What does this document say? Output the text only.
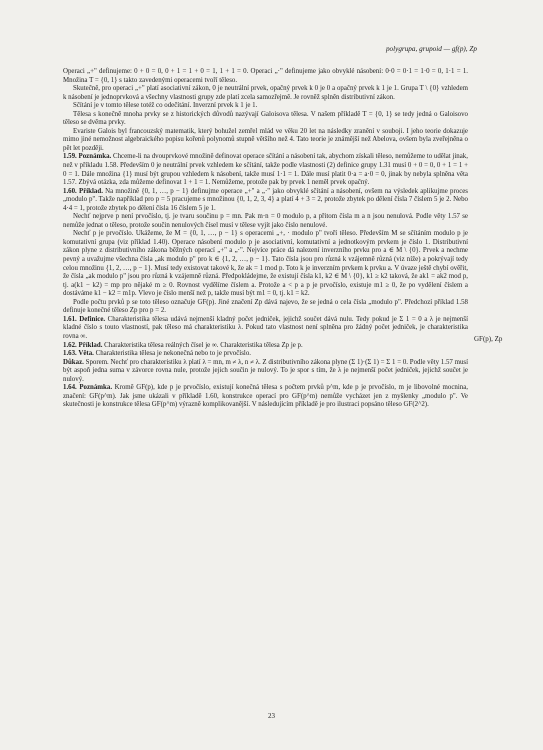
polygrupa, grupoid — gf(p), Zp

Operaci „+" definujeme: 0 + 0 = 0, 0 + 1 = 1 + 0 = 1, 1 + 1 = 0. Operaci „·" definujeme jako obvyklé násobení: 0·0 = 0·1 = 1·0 = 0, 1·1 = 1. Množina T = {0, 1} s takto zavedenými operacemi tvoří těleso.

Skutečně, pro operaci „+" platí asociativní zákon, 0 je neutrální prvek, opačný prvek k 0 je 0 a opačný prvek k 1 je 1. Grupa T \ {0} vzhledem k násobení je jednoprvková a všechny vlastnosti grupy zde platí zcela samozřejmě. Je rovněž splněn distributivní zákon.

Sčítání je v tomto tělese totéž co odečítání. Inverzní prvek k 1 je 1.

Tělesa s konečně mnoha prvky se z historických důvodů nazývají Galoisova tělesa. V našem příkladě T = {0, 1} se tedy jedná o Galoisovo těleso se dvěma prvky.

Evariste Galois byl francouzský matematik, který bohužel zemřel mlád ve věku 20 let na následky zranění v souboji. I jeho teorie dokazuje mimo jiné nemožnost algebraického popisu kořenů polynomů stupně většího než 4. Tato teorie je známější než Abelova, ovšem byla zveřejněna o pět let později.

1.59. Poznámka. Chceme-li na dvouprvkové množině definovat operace sčítání a násobení tak, abychom získali těleso, nemůžeme to udělat jinak, než v příkladu 1.58. Především 0 je neutrální prvek vzhledem ke sčítání, takže podle vlastnosti (2) definice grupy 1.31 musí 0 + 0 = 0, 0 + 1 = 1 + 0 = 1. Dále množina {1} musí být grupou vzhledem k násobení, takže musí 1·1 = 1. Dále musí platit 0·a = a·0 = 0, jinak by nebyla splněna věta 1.57. Zbývá otázka, zda můžeme definovat 1 + 1 = 1. Nemůžeme, protože pak by prvek 1 neměl prvek opačný.

1.60. Příklad. Na množině {0, 1, …, p − 1} definujme operace „+" a „·" jako obvyklé sčítání a násobení, ovšem na výsledek aplikujme proces „modulo p". Takže například pro p = 5 pracujeme s množinou {0, 1, 2, 3, 4} a platí 4 + 3 = 2, protože zbytek po dělení čísla 7 číslem 5 je 2. Nebo 4·4 = 1, protože zbytek po dělení čísla 16 číslem 5 je 1.

Nechť nejprve p není prvočíslo, tj. je tvaru součinu p = mn. Pak m·n = 0 modulo p, a přitom čísla m a n jsou nenulová. Podle věty 1.57 se nemůže jednat o těleso, protože součin nenulových čísel musí v tělese vyjít jako číslo nenulové.

Nechť p je prvočíslo. Ukážeme, že M = {0, 1, …, p − 1} s operacemi „+, · modulo p" tvoří těleso. Především M se sčítáním modulo p je komutativní grupa (viz příklad 1.40). Operace násobení modulo p je asociativní, komutativní a jednotkovým prvkem je číslo 1. Distributivní zákon plyne z distributivního zákona běžných operací „+" a „·". Nejvíce práce dá nalezení inverzního prvku pro a ∈ M \ {0}. Prvek a nechme pevný a uvažujme všechna čísla „ak modulo p" pro k ∈ {1, 2, …, p − 1}. Tato čísla jsou pro různá k vzájemně různá (viz níže) a pokrývají tedy celou množinu {1, 2, …, p − 1}. Musí tedy existovat takové k, že ak = 1 mod p. Toto k je inverzním prvkem k prvku a. V úvaze ještě chybí ověřit, že čísla „ak modulo p" jsou pro různá k vzájemně různá. Předpokládejme, že existují čísla k1, k2 ∈ M \ {0}, k1 ≥ k2 taková, že ak1 = ak2 mod p, tj. a(k1 − k2) = mp pro nějaké m ≥ 0. Rovnost vydělíme číslem a. Protože a < p a p je prvočíslo, existuje m1 ≥ 0, že po vydělení číslem a dostáváme k1 − k2 = m1p. Vlevo je číslo menší než p, takže musí být m1 = 0, tj. k1 = k2.

Podle počtu prvků p se toto těleso označuje GF(p). Jiné značení Zp dává najevo, že se jedná o cela čísla „modulo p". Předchozí příklad 1.58 definuje konečné těleso Zp pro p = 2.

1.61. Definice. Charakteristika tělesa udává nejmenší kladný počet jedniček, jejichž součet dává nulu. Tedy pokud je Σ 1 = 0 a λ je nejmenší kladné číslo s touto vlastností, pak těleso má charakteristiku λ. Pokud tato vlastnost není splněna pro žádný počet jedniček, je charakteristika rovna ∞.

1.62. Příklad. Charakteristika tělesa reálných čísel je ∞. Charakteristika tělesa Zp je p.

1.63. Věta. Charakteristika tělesa je nekonečná nebo to je prvočíslo.

Důkaz. Sporem. Nechť pro charakteristiku λ platí λ = mn, m ≠ λ, n ≠ λ. Z distributivního zákona plyne (Σ 1)·(Σ 1) = Σ 1 = 0. Podle věty 1.57 musí být aspoň jedna suma v závorce rovna nule, protože jejich součin je nulový. To je spor s tím, že λ je nejmenší počet jedniček, jejichž součet je nulový.

1.64. Poznámka. Kromě GF(p), kde p je prvočíslo, existují konečná tělesa s počtem prvků p^m, kde p je prvočíslo, m je libovolné mocnina, značení: GF(p^m). Jak jsme ukázali v příkladě 1.60, konstrukce operací pro GF(p^m) nemůže vycházet jen z myšlenky „modulo p". Ve skutečnosti je konstrukce tělesa GF(p^m) výrazně komplikovanější. V následujícím příkladě je pro ilustraci popsáno těleso GF(2^2).

GF(p), Zp
23
